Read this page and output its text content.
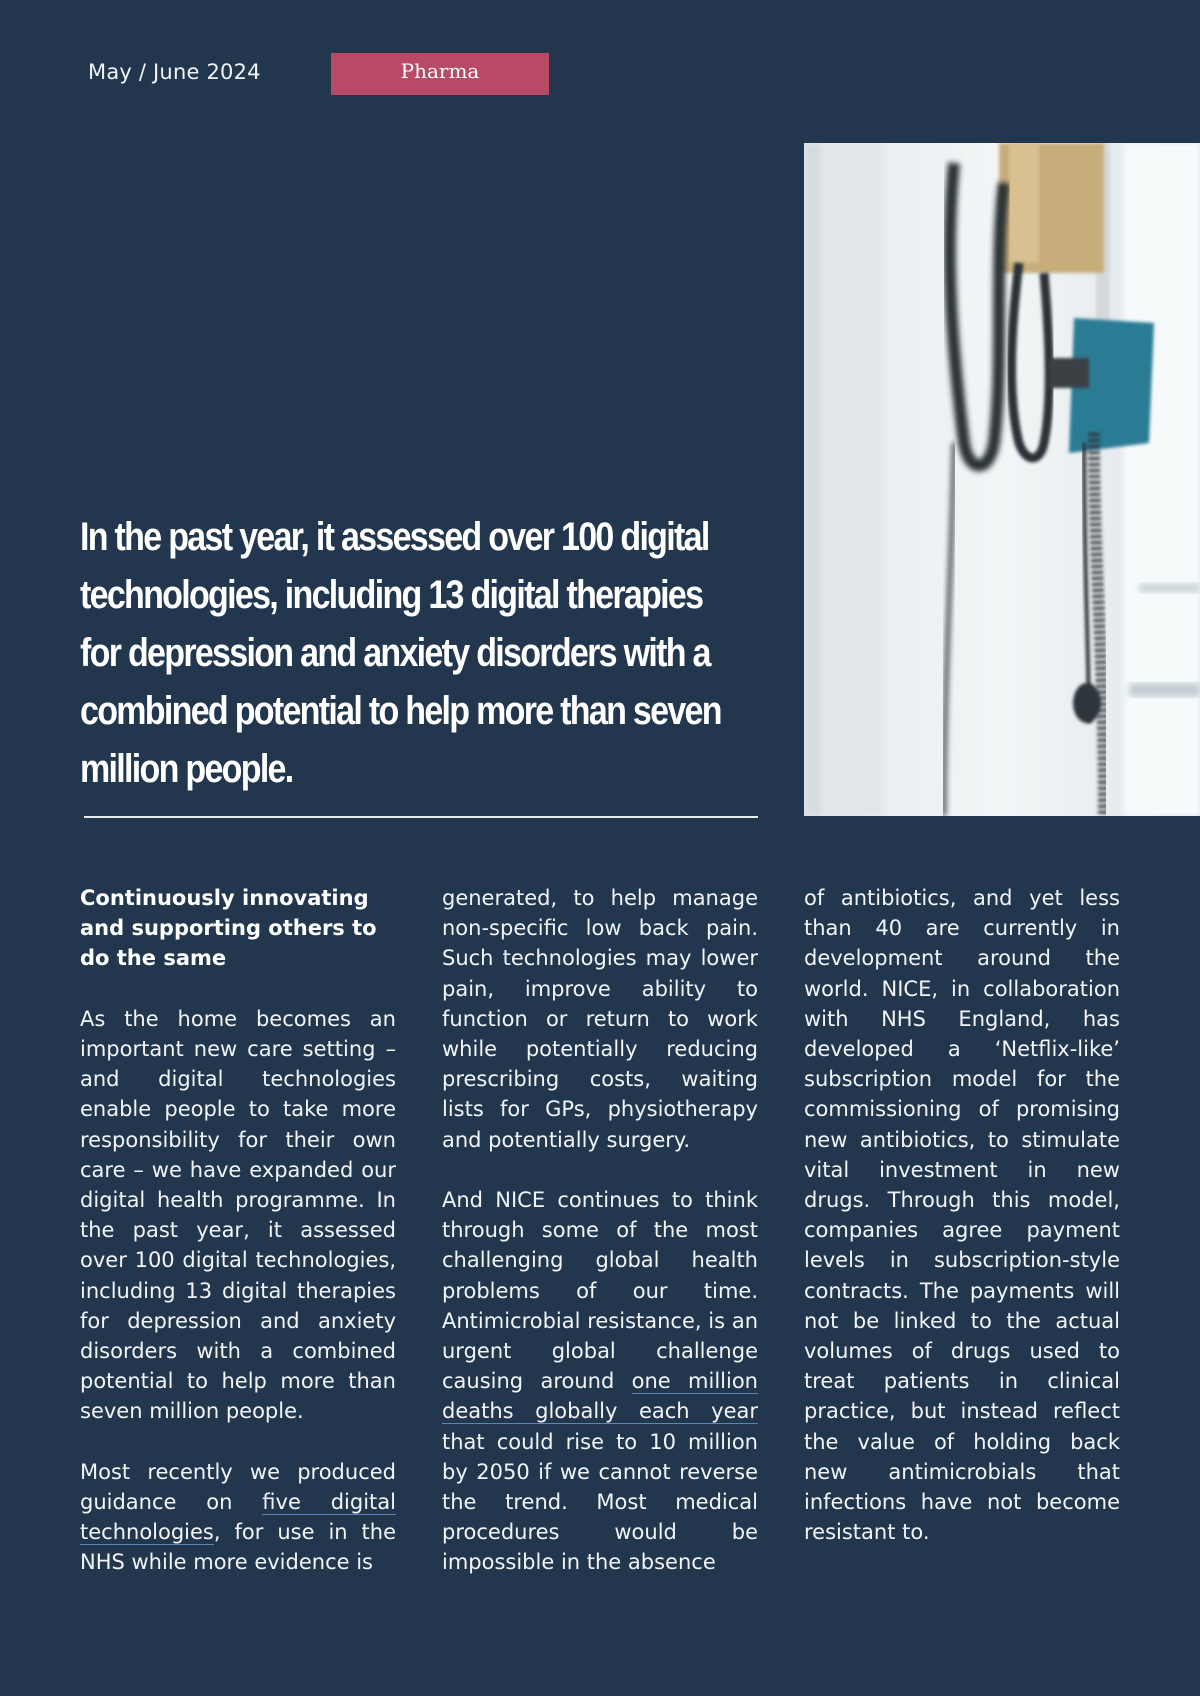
May / June 2024	Pharma
In the past year, it assessed over 100 digital technologies, including 13 digital therapies for depression and anxiety disorders with a combined potential to help more than seven million people.
Continuously innovating and supporting others to do the same

As the home becomes an important new care setting – and digital technologies enable people to take more responsibility for their own care – we have expanded our digital health programme. In the past year, it assessed over 100 digital technologies, including 13 digital therapies for depression and anxiety disorders with a combined potential to help more than seven million people.

Most recently we produced guidance on five digital technologies, for use in the NHS while more evidence is

generated, to help manage non-specific low back pain. Such technologies may lower pain, improve ability to function or return to work while potentially reducing prescribing costs, waiting lists for GPs, physiotherapy and potentially surgery.

And NICE continues to think through some of the most challenging global health problems of our time. Antimicrobial resistance, is an urgent global challenge causing around one million deaths globally each year that could rise to 10 million by 2050 if we cannot reverse the trend. Most medical procedures would be impossible in the absence

of antibiotics, and yet less than 40 are currently in development around the world. NICE, in collaboration with NHS England, has developed a ‘Netflix-like’ subscription model for the commissioning of promising new antibiotics, to stimulate vital investment in new drugs. Through this model, companies agree payment levels in subscription-style contracts. The payments will not be linked to the actual volumes of drugs used to treat patients in clinical practice, but instead reflect the value of holding back new antimicrobials that infections have not become resistant to.
